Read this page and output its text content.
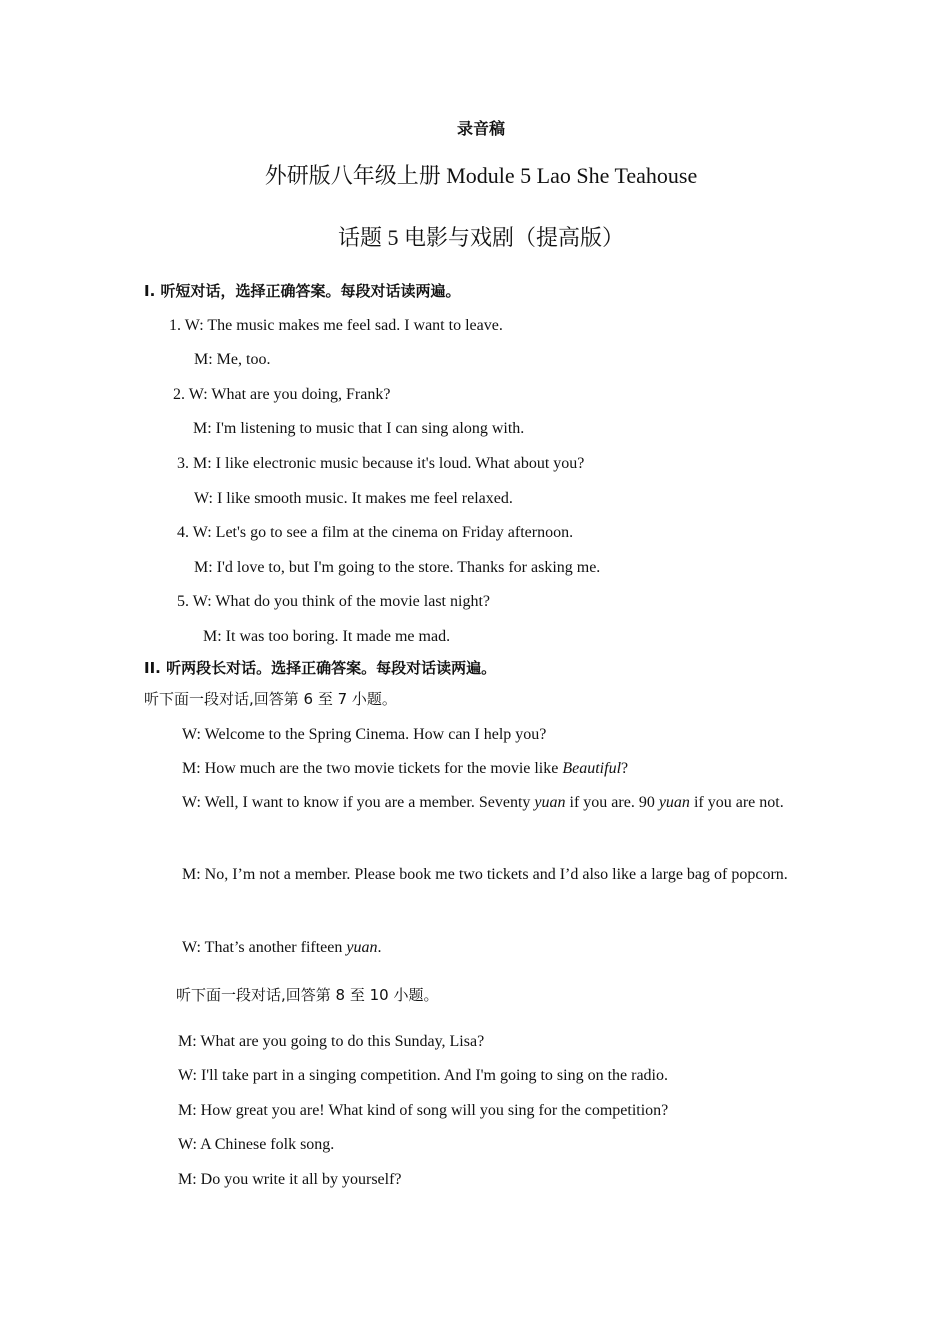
录音稿
外研版八年级上册 Module 5 Lao She Teahouse
话题 5 电影与戏剧（提高版）
I. 听短对话，选择正确答案。每段对话读两遍。
1. W: The music makes me feel sad. I want to leave.
M: Me, too.
2. W: What are you doing, Frank?
M: I'm listening to music that I can sing along with.
3. M: I like electronic music because it's loud. What about you?
W: I like smooth music. It makes me feel relaxed.
4. W: Let's go to see a film at the cinema on Friday afternoon.
M: I'd love to, but I'm going to the store. Thanks for asking me.
5. W: What do you think of the movie last night?
M: It was too boring. It made me mad.
II. 听两段长对话。选择正确答案。每段对话读两遍。
听下面一段对话,回答第 6 至 7 小题。
W: Welcome to the Spring Cinema. How can I help you?
M: How much are the two movie tickets for the movie like Beautiful?
W: Well, I want to know if you are a member. Seventy yuan if you are. 90 yuan if you are not.
M: No, I’m not a member. Please book me two tickets and I’d also like a large bag of popcorn.
W: That’s another fifteen yuan.
听下面一段对话,回答第 8 至 10 小题。
M: What are you going to do this Sunday, Lisa?
W: I'll take part in a singing competition. And I'm going to sing on the radio.
M: How great you are! What kind of song will you sing for the competition?
W: A Chinese folk song.
M: Do you write it all by yourself?
